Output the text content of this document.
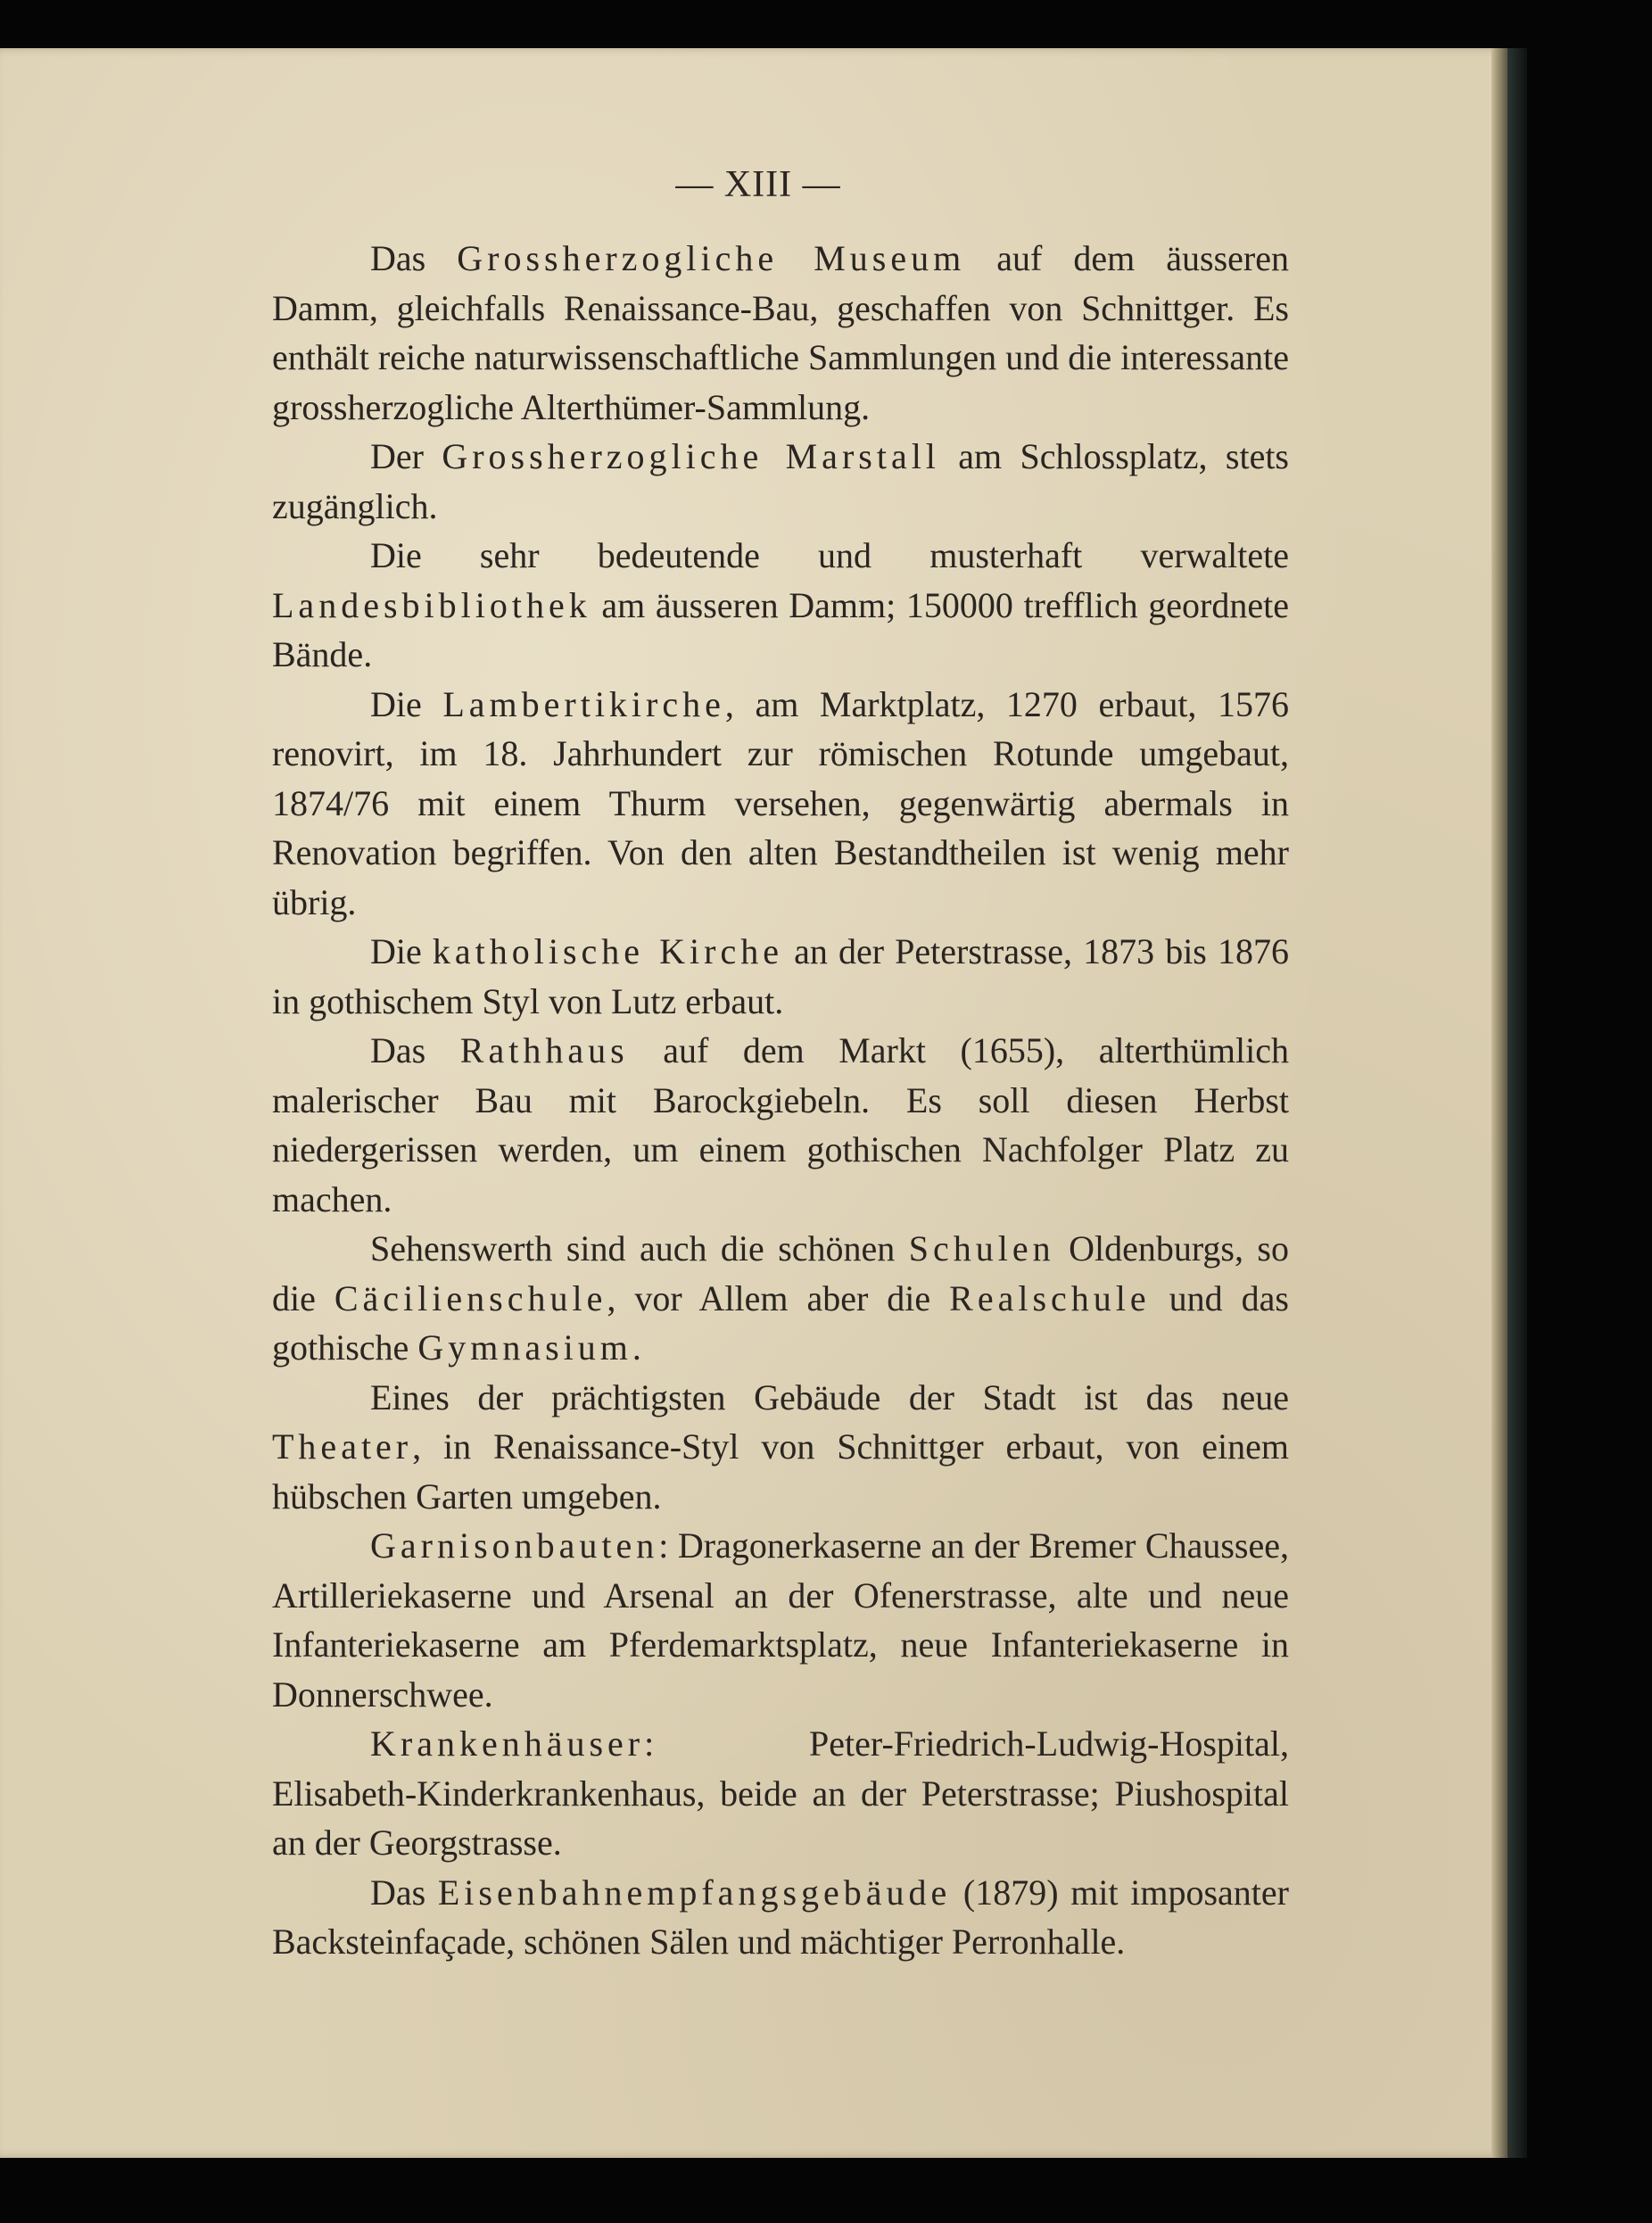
— XIII —

Das Grossherzogliche Museum auf dem äusseren Damm, gleichfalls Renaissance-Bau, geschaffen von Schnittger. Es enthält reiche naturwissenschaftliche Sammlungen und die interessante grossherzogliche Alterthümer-Sammlung.

Der Grossherzogliche Marstall am Schlossplatz, stets zugänglich.

Die sehr bedeutende und musterhaft verwaltete Landesbibliothek am äusseren Damm; 150000 trefflich geordnete Bände.

Die Lambertikirche, am Marktplatz, 1270 erbaut, 1576 renovirt, im 18. Jahrhundert zur römischen Rotunde umgebaut, 1874/76 mit einem Thurm versehen, gegenwärtig abermals in Renovation begriffen. Von den alten Bestandtheilen ist wenig mehr übrig.

Die katholische Kirche an der Peterstrasse, 1873 bis 1876 in gothischem Styl von Lutz erbaut.

Das Rathhaus auf dem Markt (1655), alterthümlich malerischer Bau mit Barockgiebeln. Es soll diesen Herbst niedergerissen werden, um einem gothischen Nachfolger Platz zu machen.

Sehenswerth sind auch die schönen Schulen Oldenburgs, so die Cäcilienschule, vor Allem aber die Realschule und das gothische Gymnasium.

Eines der prächtigsten Gebäude der Stadt ist das neue Theater, in Renaissance-Styl von Schnittger erbaut, von einem hübschen Garten umgeben.

Garnisonbauten: Dragonerkaserne an der Bremer Chaussee, Artilleriekaserne und Arsenal an der Ofenerstrasse, alte und neue Infanteriekaserne am Pferdemarktsplatz, neue Infanteriekaserne in Donnerschwee.

Krankenhäuser: Peter-Friedrich-Ludwig-Hospital, Elisabeth-Kinderkrankenhaus, beide an der Peterstrasse; Piushospital an der Georgstrasse.

Das Eisenbahnempfangsgebäude (1879) mit imposanter Backsteinfaçade, schönen Sälen und mächtiger Perronhalle.
